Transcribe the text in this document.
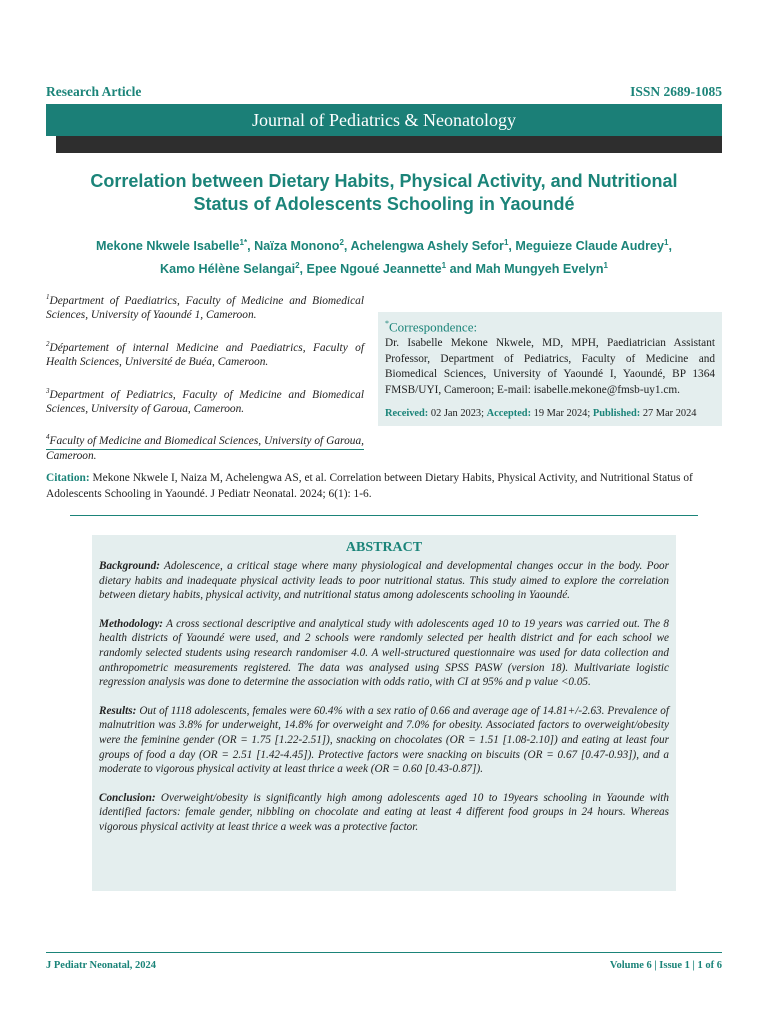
Research Article	ISSN 2689-1085
Journal of Pediatrics & Neonatology
Correlation between Dietary Habits, Physical Activity, and Nutritional
Status of Adolescents Schooling in Yaoundé
Mekone Nkwele Isabelle$^{1*}$, Naïza Monono$^2$, Achelengwa Ashely Sefor$^1$, Meguieze Claude Audrey$^1$,
Kamo Hélène Selangai$^2$, Epee Ngoué Jeannette$^1$ and Mah Mungyeh Evelyn$^1$

$^1$Department of Paediatrics, Faculty of Medicine and Biomedical Sciences, University of Yaoundé 1, Cameroon.

$^2$Département of internal Medicine and Paediatrics, Faculty of Health Sciences, Université de Buéa, Cameroon.

$^3$Department of Pediatrics, Faculty of Medicine and Biomedical Sciences, University of Garoua, Cameroon.

$^4$Faculty of Medicine and Biomedical Sciences, University of Garoua, Cameroon.

*Correspondence:
Dr. Isabelle Mekone Nkwele, MD, MPH, Paediatrician Assistant Professor, Department of Pediatrics, Faculty of Medicine and Biomedical Sciences, University of Yaoundé I, Yaoundé, BP 1364 FMSB/UYI, Cameroon; E-mail: isabelle.mekone@fmsb-uy1.cm.
Received: 02 Jan 2023; Accepted: 19 Mar 2024; Published: 27 Mar 2024
Citation: Mekone Nkwele I, Naiza M, Achelengwa AS, et al. Correlation between Dietary Habits, Physical Activity, and Nutritional Status of Adolescents Schooling in Yaoundé. J Pediatr Neonatal. 2024; 6(1): 1-6.
ABSTRACT

Background: Adolescence, a critical stage where many physiological and developmental changes occur in the body. Poor dietary habits and inadequate physical activity leads to poor nutritional status. This study aimed to explore the correlation between dietary habits, physical activity, and nutritional status among adolescents schooling in Yaoundé.

Methodology: A cross sectional descriptive and analytical study with adolescents aged 10 to 19 years was carried out. The 8 health districts of Yaoundé were used, and 2 schools were randomly selected per health district and for each school we randomly selected students using research randomiser 4.0. A well-structured questionnaire was used for data collection and anthropometric measurements registered. The data was analysed using SPSS PASW (version 18). Multivariate logistic regression analysis was done to determine the association with odds ratio, with CI at 95% and p value <0.05.

Results: Out of 1118 adolescents, females were 60.4% with a sex ratio of 0.66 and average age of 14.81+/-2.63. Prevalence of malnutrition was 3.8% for underweight, 14.8% for overweight and 7.0% for obesity. Associated factors to overweight/obesity were the feminine gender (OR = 1.75 [1.22-2.51]), snacking on chocolates (OR = 1.51 [1.08-2.10]) and eating at least four groups of food a day (OR = 2.51 [1.42-4.45]). Protective factors were snacking on biscuits (OR = 0.67 [0.47-0.93]), and a moderate to vigorous physical activity at least thrice a week (OR = 0.60 [0.43-0.87]).

Conclusion: Overweight/obesity is significantly high among adolescents aged 10 to 19years schooling in Yaounde with identified factors: female gender, nibbling on chocolate and eating at least 4 different food groups in 24 hours. Whereas vigorous physical activity at least thrice a week was a protective factor.

J Pediatr Neonatal, 2024	Volume 6 | Issue 1 | 1 of 6
